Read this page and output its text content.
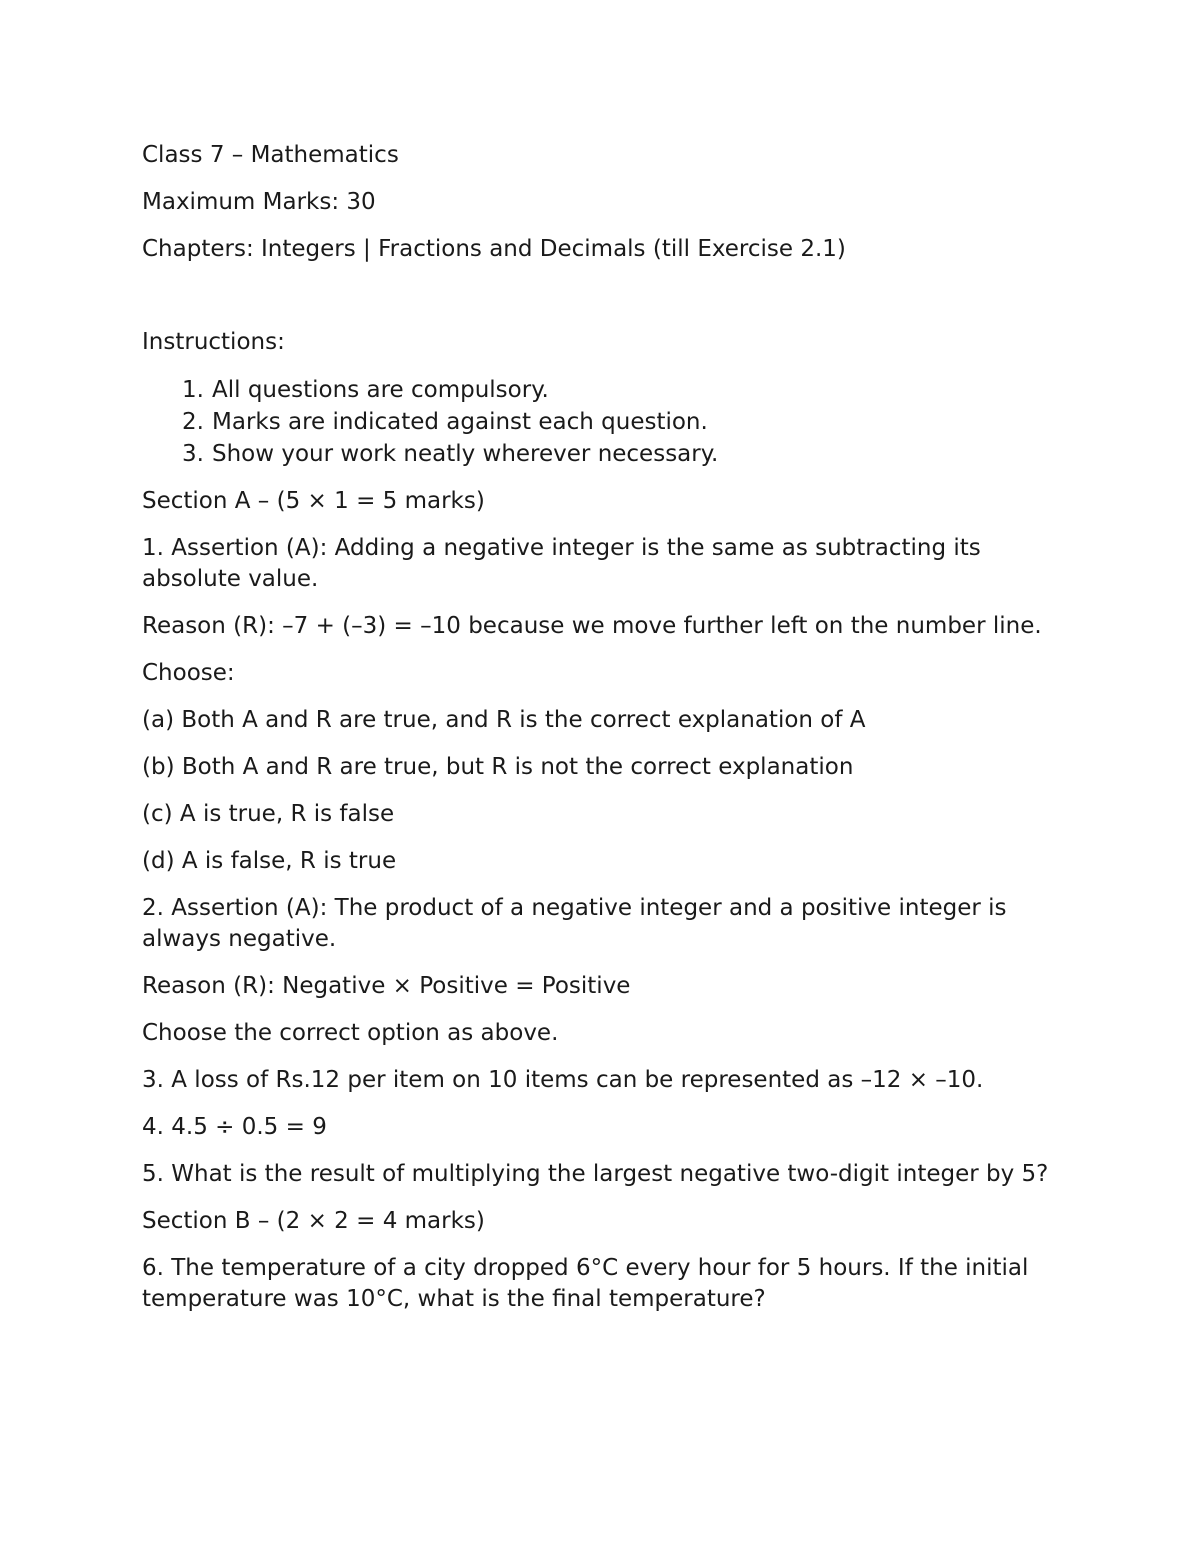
Class 7 – Mathematics

Maximum Marks: 30

Chapters: Integers | Fractions and Decimals (till Exercise 2.1)

Instructions:

1. All questions are compulsory.
2. Marks are indicated against each question.
3. Show your work neatly wherever necessary.

Section A – (5 × 1 = 5 marks)

1. Assertion (A): Adding a negative integer is the same as subtracting its absolute value.

Reason (R): –7 + (–3) = –10 because we move further left on the number line.

Choose:

(a) Both A and R are true, and R is the correct explanation of A

(b) Both A and R are true, but R is not the correct explanation

(c) A is true, R is false

(d) A is false, R is true

2. Assertion (A): The product of a negative integer and a positive integer is always negative.

Reason (R): Negative × Positive = Positive

Choose the correct option as above.

3. A loss of Rs.12 per item on 10 items can be represented as –12 × –10.

4. 4.5 ÷ 0.5 = 9

5. What is the result of multiplying the largest negative two-digit integer by 5?

Section B – (2 × 2 = 4 marks)

6. The temperature of a city dropped 6°C every hour for 5 hours. If the initial temperature was 10°C, what is the final temperature?
